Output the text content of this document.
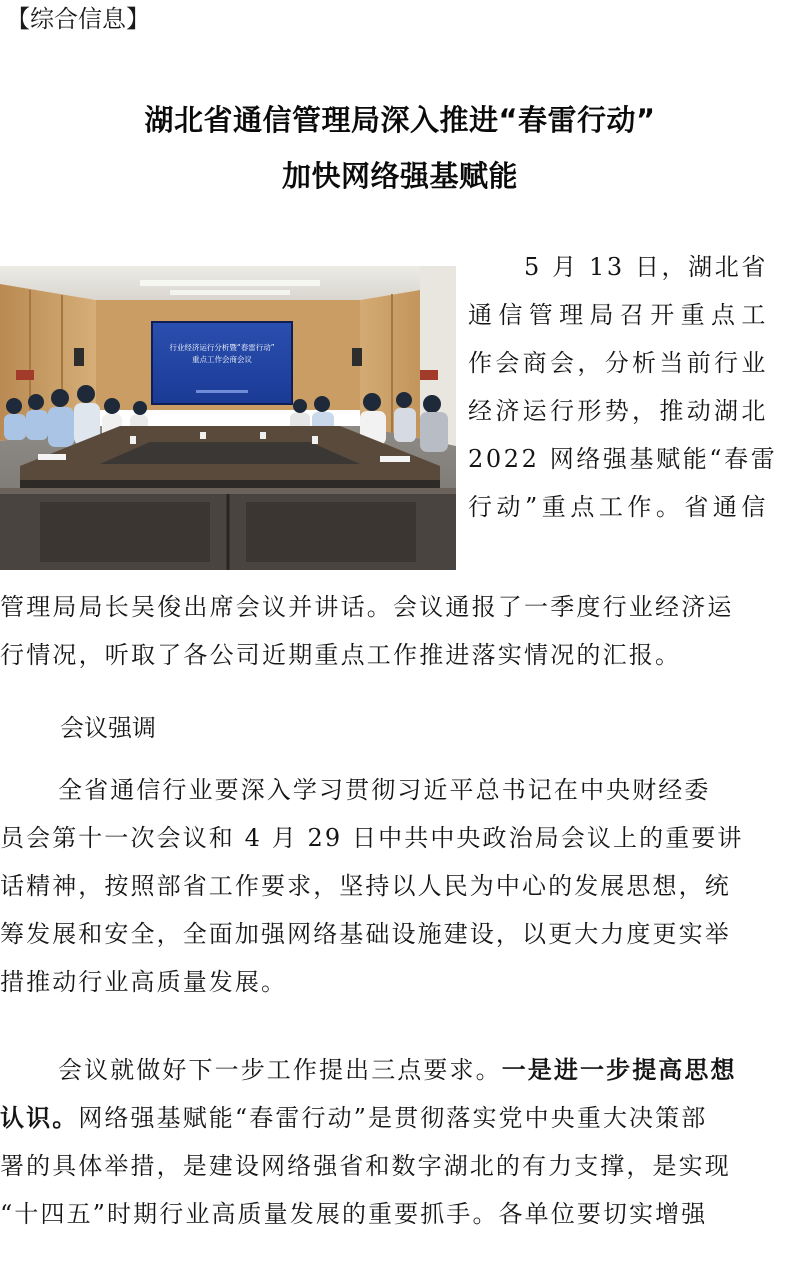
【综合信息】
湖北省通信管理局深入推进“春雷行动”
加快网络强基赋能
行业经济运行分析暨“春雷行动”
重点工作会商会议
5 月 13 日，湖北省
通信管理局召开重点工
作会商会，分析当前行业
经济运行形势，推动湖北
2022 网络强基赋能“春雷
行动”重点工作。省通信
管理局局长吴俊出席会议并讲话。会议通报了一季度行业经济运
行情况，听取了各公司近期重点工作推进落实情况的汇报。
会议强调
全省通信行业要深入学习贯彻习近平总书记在中央财经委
员会第十一次会议和 4 月 29 日中共中央政治局会议上的重要讲
话精神，按照部省工作要求，坚持以人民为中心的发展思想，统
筹发展和安全，全面加强网络基础设施建设，以更大力度更实举
措推动行业高质量发展。
会议就做好下一步工作提出三点要求。一是进一步提高思想
认识。网络强基赋能“春雷行动”是贯彻落实党中央重大决策部
署的具体举措，是建设网络强省和数字湖北的有力支撑，是实现
“十四五”时期行业高质量发展的重要抓手。各单位要切实增强
